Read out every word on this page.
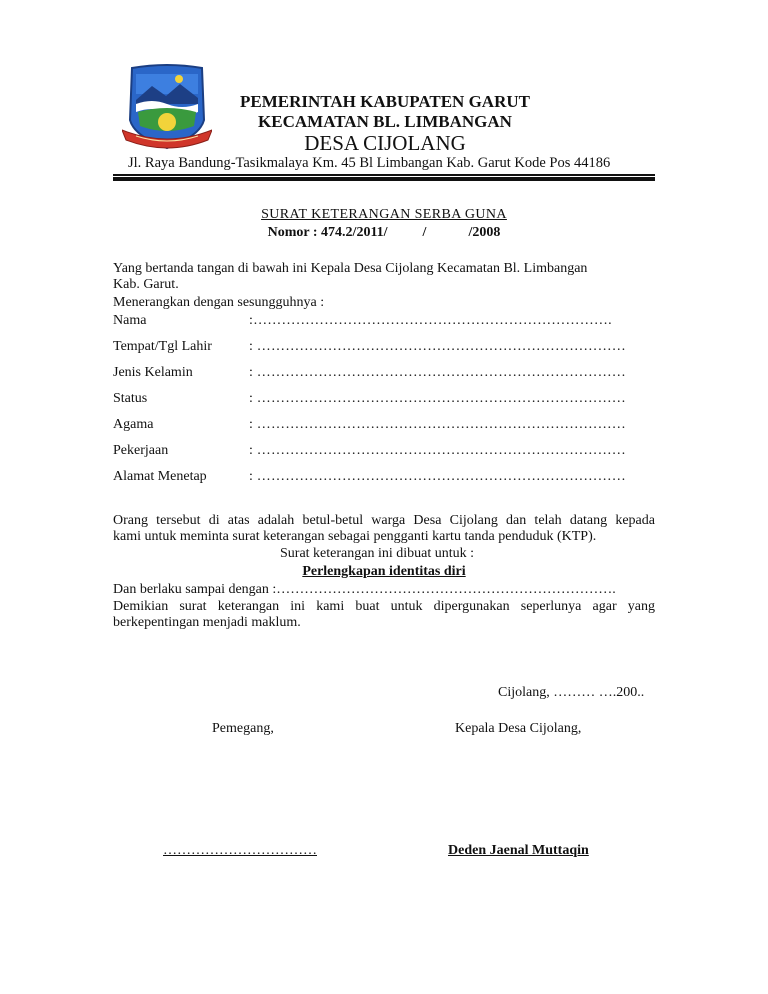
PEMERINTAH KABUPATEN GARUT
KECAMATAN BL. LIMBANGAN
DESA CIJOLANG
Jl. Raya Bandung-Tasikmalaya Km. 45 Bl Limbangan Kab. Garut Kode Pos 44186
SURAT KETERANGAN SERBA GUNA
Nomor : 474.2/2011/          /            /2008
Yang bertanda tangan di bawah ini Kepala Desa Cijolang Kecamatan Bl. Limbangan
Kab. Garut.
Menerangkan dengan sesungguhnya :
Nama	:………………………………………………………………….
Tempat/Tgl Lahir	: ……………………………………………………………………
Jenis Kelamin	: ……………………………………………………………………
Status	: ……………………………………………………………………
Agama	: ……………………………………………………………………
Pekerjaan	: ……………………………………………………………………
Alamat Menetap	: ……………………………………………………………………
Orang tersebut di atas adalah betul-betul warga Desa Cijolang dan telah datang kepada
kami untuk meminta surat keterangan sebagai pengganti kartu tanda penduduk (KTP).
Surat keterangan ini dibuat untuk :
Perlengkapan identitas diri
Dan berlaku sampai dengan :……………………………………………………………….
Demikian surat keterangan ini kami buat untuk dipergunakan seperlunya agar yang
berkepentingan menjadi maklum.
Cijolang, ……… ….200..
Pemegang,	Kepala Desa Cijolang,
……………………………	Deden Jaenal Muttaqin
